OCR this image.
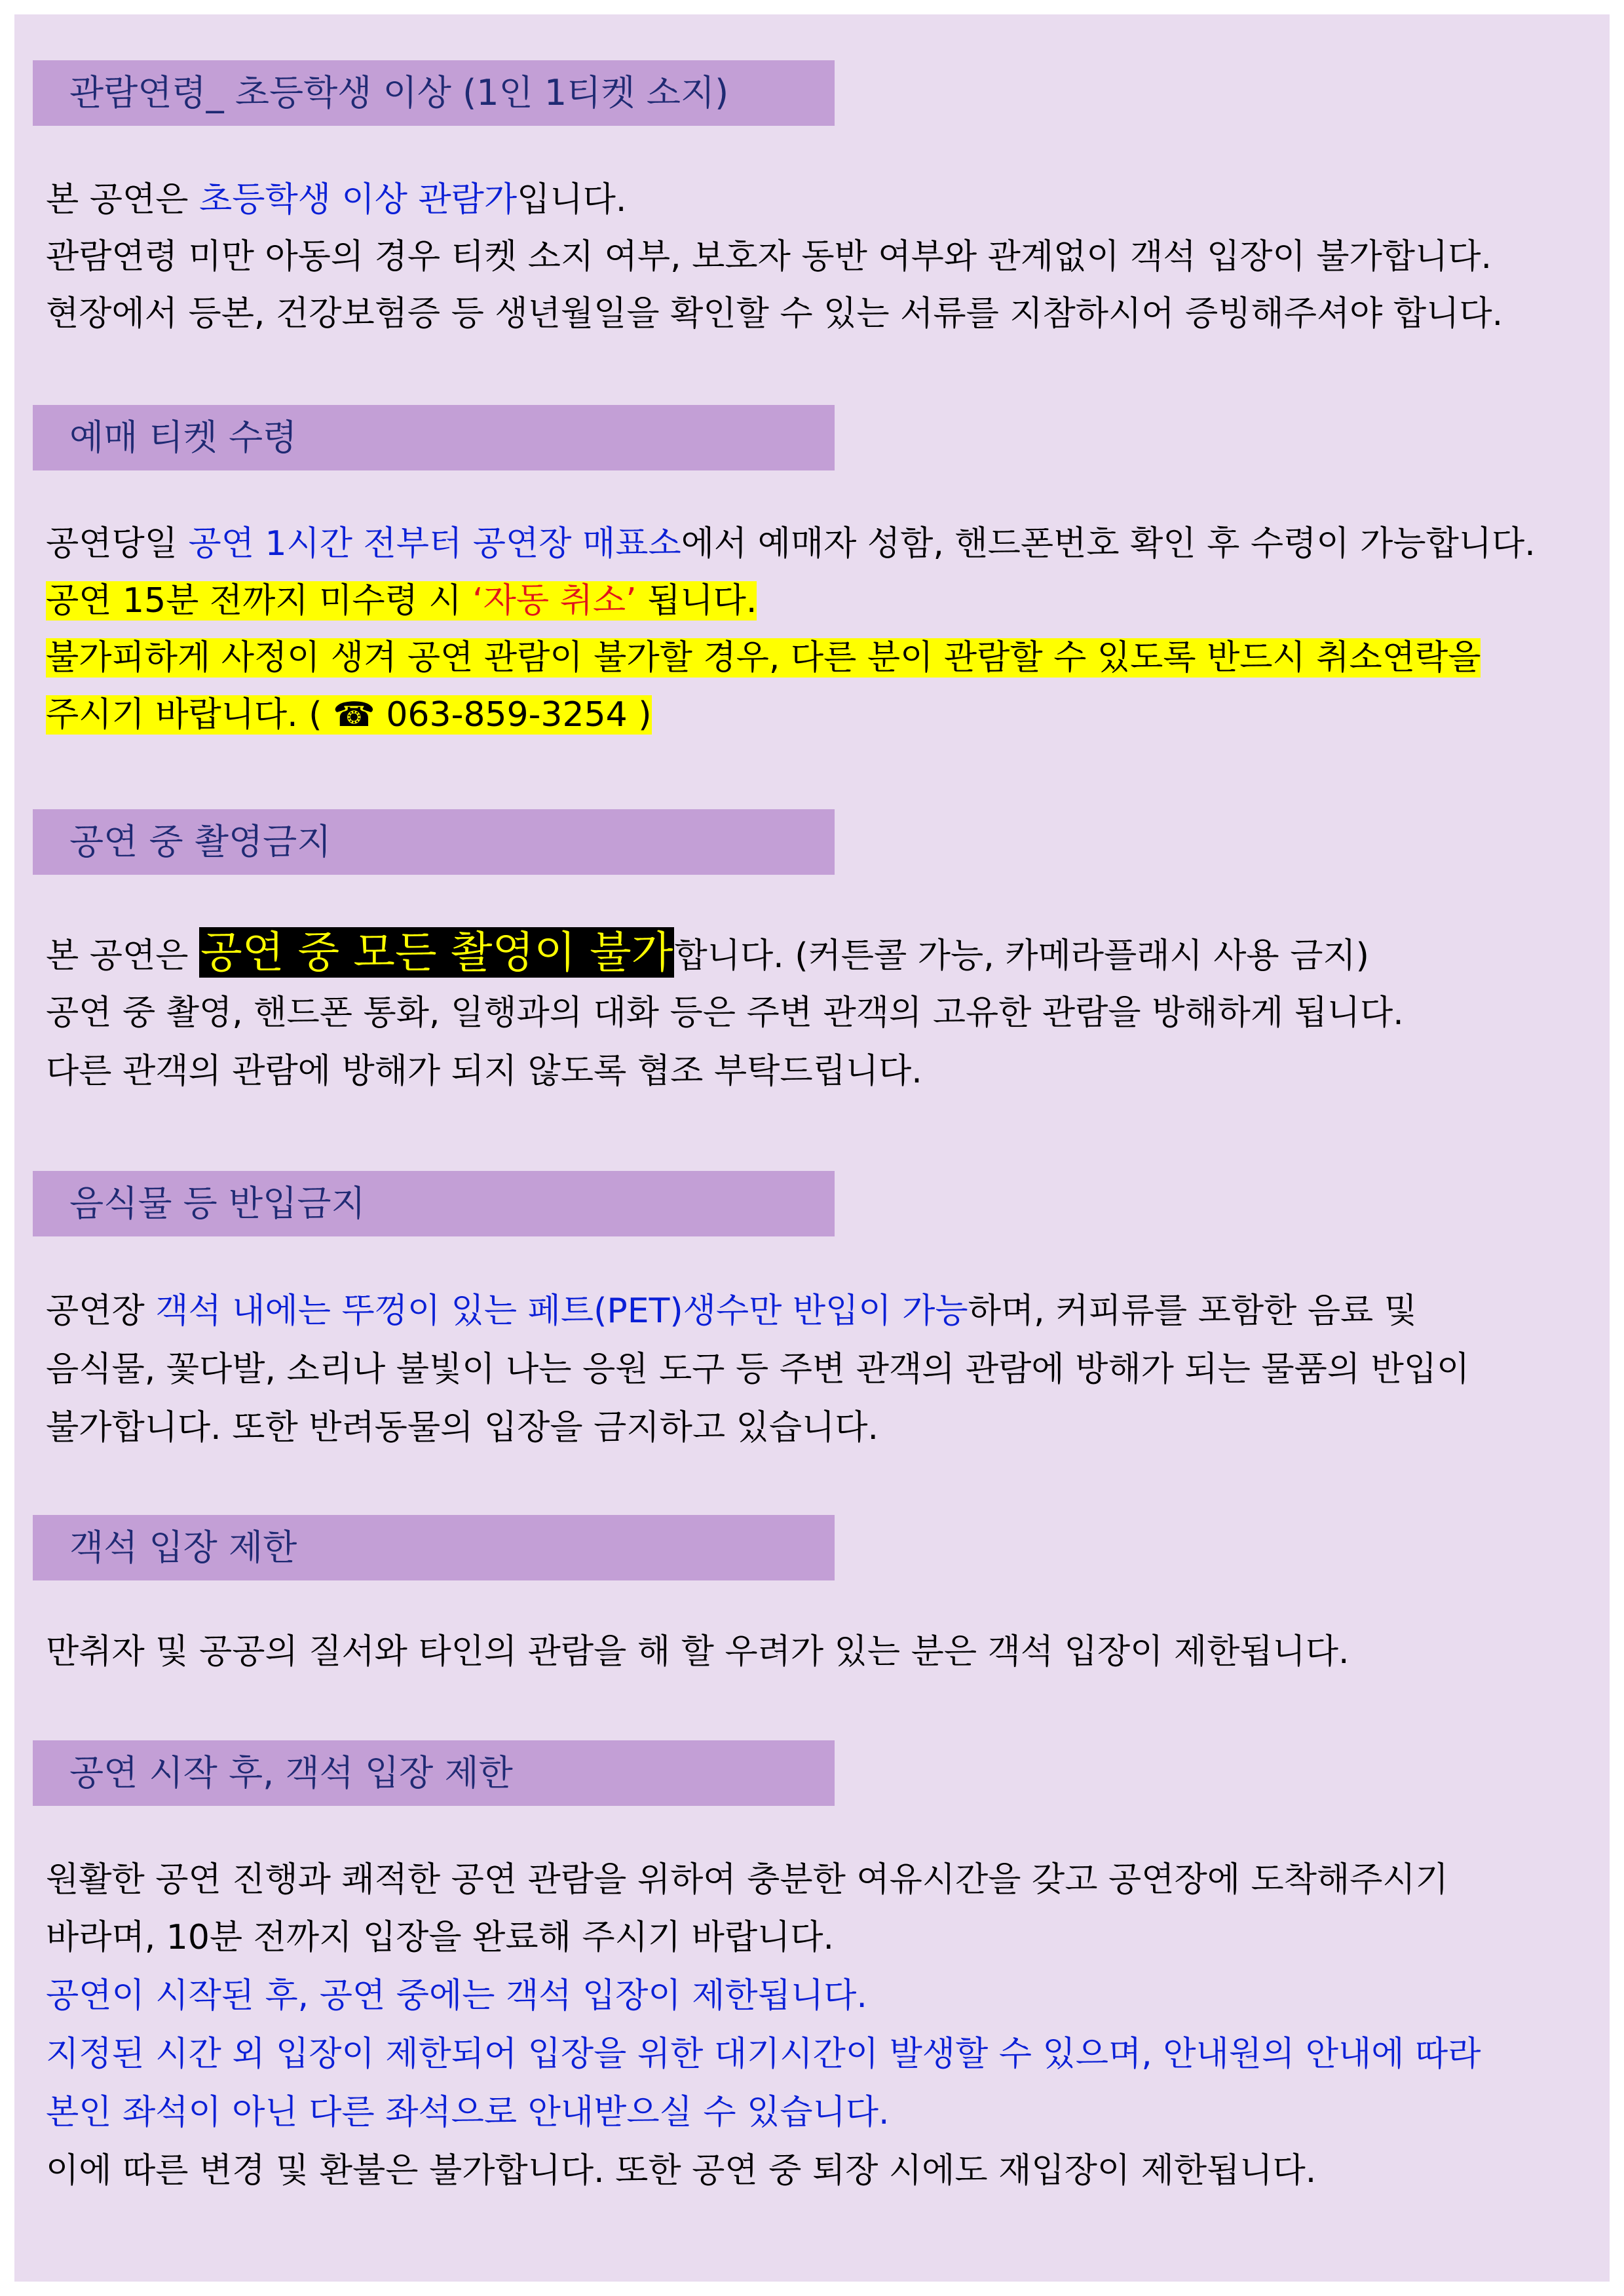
관람연령_ 초등학생 이상 (1인 1티켓 소지)
본 공연은 초등학생 이상 관람가입니다.
관람연령 미만 아동의 경우 티켓 소지 여부, 보호자 동반 여부와 관계없이 객석 입장이 불가합니다.
현장에서 등본, 건강보험증 등 생년월일을 확인할 수 있는 서류를 지참하시어 증빙해주셔야 합니다.
예매 티켓 수령
공연당일 공연 1시간 전부터 공연장 매표소에서 예매자 성함, 핸드폰번호 확인 후 수령이 가능합니다.
공연 15분 전까지 미수령 시 ‘자동 취소’ 됩니다.
불가피하게 사정이 생겨 공연 관람이 불가할 경우, 다른 분이 관람할 수 있도록 반드시 취소연락을
주시기 바랍니다. ( ☎ 063-859-3254 )
공연 중 촬영금지
본 공연은 공연 중 모든 촬영이 불가합니다. (커튼콜 가능, 카메라플래시 사용 금지)
공연 중 촬영, 핸드폰 통화, 일행과의 대화 등은 주변 관객의 고유한 관람을 방해하게 됩니다.
다른 관객의 관람에 방해가 되지 않도록 협조 부탁드립니다.
음식물 등 반입금지
공연장 객석 내에는 뚜껑이 있는 페트(PET)생수만 반입이 가능하며, 커피류를 포함한 음료 및
음식물, 꽃다발, 소리나 불빛이 나는 응원 도구 등 주변 관객의 관람에 방해가 되는 물품의 반입이
불가합니다. 또한 반려동물의 입장을 금지하고 있습니다.
객석 입장 제한
만취자 및 공공의 질서와 타인의 관람을 해 할 우려가 있는 분은 객석 입장이 제한됩니다.
공연 시작 후, 객석 입장 제한
원활한 공연 진행과 쾌적한 공연 관람을 위하여 충분한 여유시간을 갖고 공연장에 도착해주시기
바라며, 10분 전까지 입장을 완료해 주시기 바랍니다.
공연이 시작된 후, 공연 중에는 객석 입장이 제한됩니다.
지정된 시간 외 입장이 제한되어 입장을 위한 대기시간이 발생할 수 있으며, 안내원의 안내에 따라
본인 좌석이 아닌 다른 좌석으로 안내받으실 수 있습니다.
이에 따른 변경 및 환불은 불가합니다. 또한 공연 중 퇴장 시에도 재입장이 제한됩니다.
